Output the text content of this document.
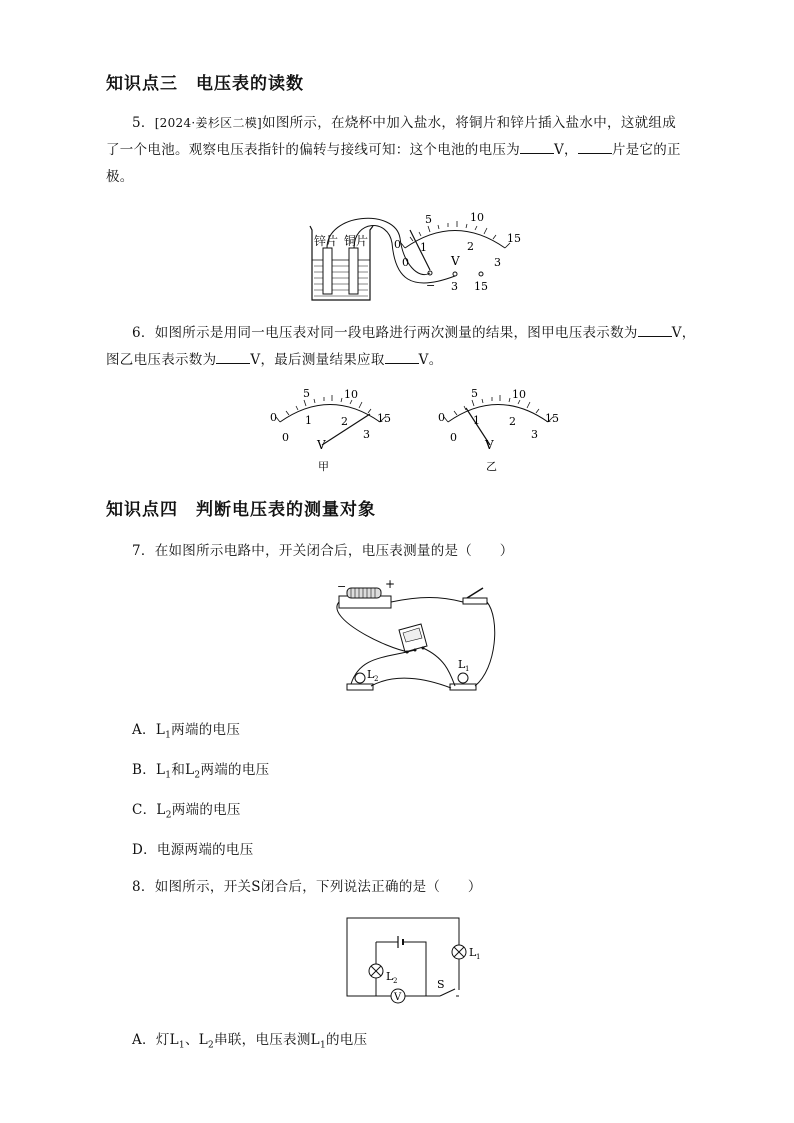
知识点三　电压表的读数
5．[2024·姜杉区二模]如图所示，在烧杯中加入盐水，将铜片和锌片插入盐水中，这就组成
了一个电池。观察电压表指针的偏转与接线可知：这个电池的电压为	V，	片是它的正
极。
锌片 铜片 0
5	10
15
0
1	2
3
V
− 3 15
6．如图所示是用同一电压表对同一段电路进行两次测量的结果，图甲电压表示数为	V，
图乙电压表示数为	V，最后测量结果应取	V。
0
5	10
15
0
1	2
3
V
甲
0
5	10
15
0
1	2
3
V
乙
知识点四　判断电压表的测量对象
7．在如图所示电路中，开关闭合后，电压表测量的是（　　）
−	+
L 2
L 1
A．$L_1$两端的电压
B．$L_1$和$L_2$两端的电压
C．$L_2$两端的电压
D．电源两端的电压
8．如图所示，开关S闭合后，下列说法正确的是（　　）
L 2
L 1
V
S
A．灯$L_1$、$L_2$串联，电压表测$L_1$的电压
